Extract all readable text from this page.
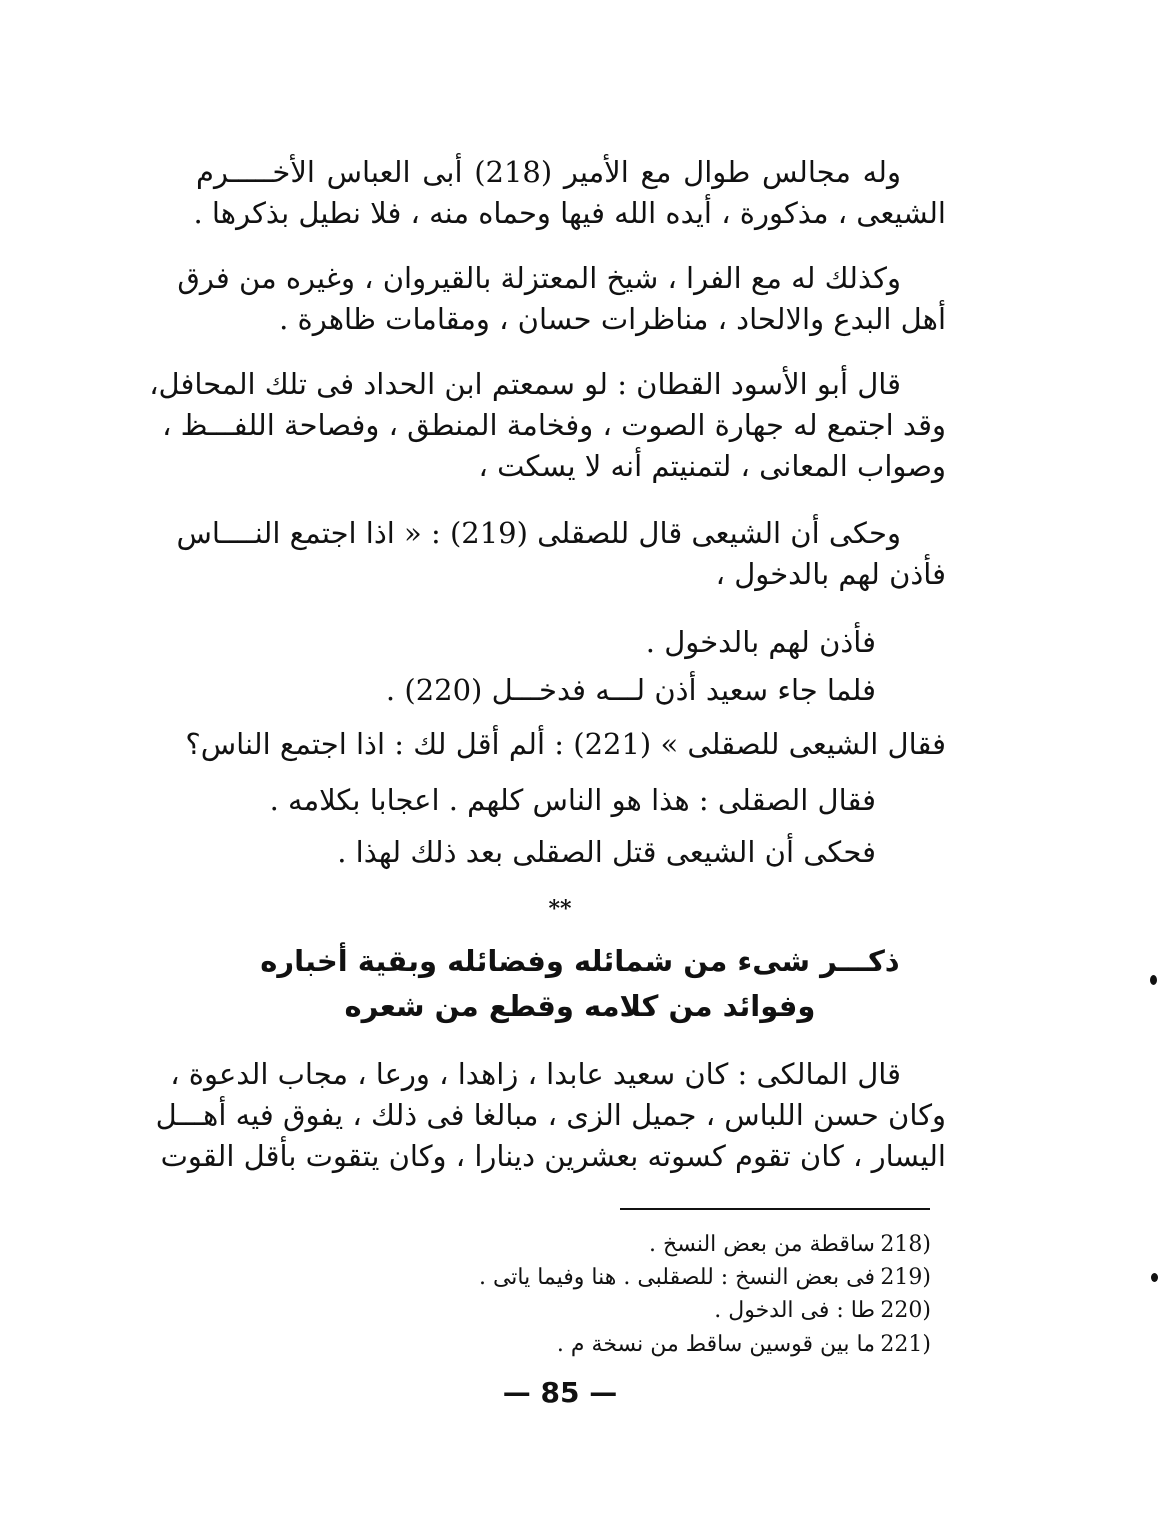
وله مجالس طوال مع الأمير (218) أبى العباس الأخـــــرم
الشيعى ، مذكورة ، أيده الله فيها وحماه منه ، فلا نطيل بذكرها .
وكذلك له مع الفرا ، شيخ المعتزلة بالقيروان ، وغيره من فرق
أهل البدع والالحاد ، مناظرات حسان ، ومقامات ظاهرة .
قال أبو الأسود القطان : لو سمعتم ابن الحداد فى تلك المحافل،
وقد اجتمع له جهارة الصوت ، وفخامة المنطق ، وفصاحة اللفـــظ ،
وصواب المعانى ، لتمنيتم أنه لا يسكت ،
وحكى أن الشيعى قال للصقلى (219) : « اذا اجتمع النــــاس
فأذن لهم بالدخول ،
فأذن لهم بالدخول .
فلما جاء سعيد أذن لـــه فدخـــل (220) .
فقال الشيعى للصقلى » (221) : ألم أقل لك : اذا اجتمع الناس؟
فقال الصقلى : هذا هو الناس كلهم . اعجابا بكلامه .
فحكى أن الشيعى قتل الصقلى بعد ذلك لهذا .
**
ذكـــر شىء من شمائله وفضائله وبقية أخباره
وفوائد من كلامه وقطع من شعره
قال المالكى : كان سعيد عابدا ، زاهدا ، ورعا ، مجاب الدعوة ،
وكان حسن اللباس ، جميل الزى ، مبالغا فى ذلك ، يفوق فيه أهـــل
اليسار ، كان تقوم كسوته بعشرين دينارا ، وكان يتقوت بأقل القوت
(218ساقطة من بعض النسخ .
(219فى بعض النسخ : للصقلبى . هنا وفيما ياتى .
(220طا : فى الدخول .
(221ما بين قوسين ساقط من نسخة م .
— 85 —
